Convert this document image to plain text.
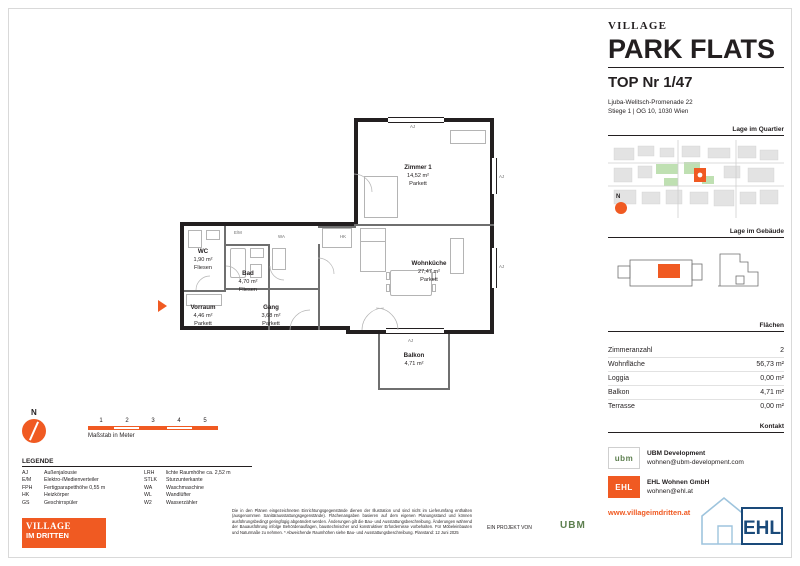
Zimmer 1
14,52 m²
Parkett
WC
1,90 m²
Fliesen
Bad
4,70 m²
Fliesen
Wohnküche
27,47 m²
Parkett
Vorraum
4,46 m²
Parkett
Gang
3,68 m²
Parkett
Balkon
4,71 m²
AJ
AJ
AJ
AJ
E/M
HK
WA
N
1	2	3	4	5
Maßstab in Meter
LEGENDE
AJ	Außenjalousie
E/M	Elektro-/Medienverteiler
FPH	Fertigparapetthöhe 0,55 m
HK	Heizkörper
GS	Geschirrspüler
LRH	lichte Raumhöhe ca. 2,52 m
STLK	Sturzunterkante
WA	Waschmaschine
WL	Wandlüfter
W2	Wasserzähler
VILLAGE
IM DRITTEN
Die in den Plänen eingezeichneten Einrichtungsgegenstände dienen der Illustration und sind nicht im Lieferumfang enthalten (ausgenommen Sanitärausstattungsgegenstände). Flächenangaben basieren auf dem eigenen Planungsstand und können ausführungsbedingt geringfügig abgeändert werden. Änderungen gilt die Bau- und Ausstattungsbeschreibung. Änderungen während der Bauausführung infolge Behördenauflagen, baustechnischer und konstruktiver Erfordernisse vorbehalten. Für Möbeleinbauten und Naturmaße zu nehmen. * Abweichende Raumhöhen siehe Bau- und Ausstattungsbeschreibung. Planstand: 12 Juni 2025
EIN PROJEKT VON	UBM
VILLAGE
PARK FLATS
TOP Nr 1/47
Ljuba-Welitsch-Promenade 22
Stiege 1 | OG 10, 1030 Wien
Lage im Quartier
N
Lage im Gebäude
Flächen
Zimmeranzahl	2
Wohnfläche	56,73 m²
Loggia	0,00 m²
Balkon	4,71 m²
Terrasse	0,00 m²
Kontakt
ubm
UBM Development
wohnen@ubm-development.com
EHL
EHL Wohnen GmbH
wohnen@ehl.at
www.villageimdritten.at
EHL
